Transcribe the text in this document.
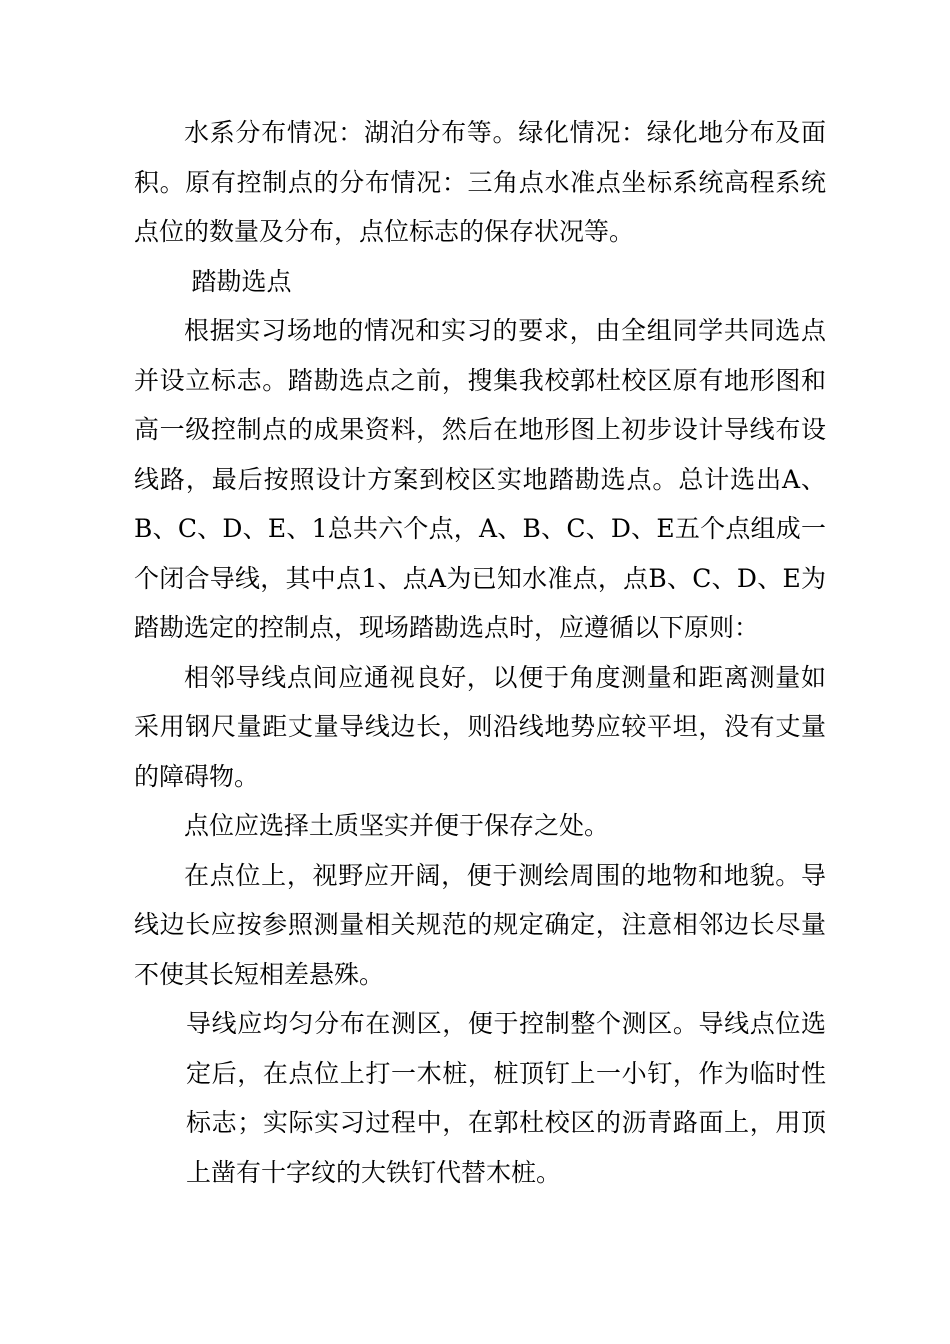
水系分布情况：湖泊分布等。绿化情况：绿化地分布及面积。原有控制点的分布情况：三角点水准点坐标系统高程系统点位的数量及分布，点位标志的保存状况等。

踏勘选点

根据实习场地的情况和实习的要求，由全组同学共同选点并设立标志。踏勘选点之前，搜集我校郭杜校区原有地形图和高一级控制点的成果资料，然后在地形图上初步设计导线布设线路，最后按照设计方案到校区实地踏勘选点。总计选出A、B、C、D、E、1总共六个点，A、B、C、D、E五个点组成一个闭合导线，其中点1、点A为已知水准点，点B、C、D、E为踏勘选定的控制点，现场踏勘选点时，应遵循以下原则：

相邻导线点间应通视良好，以便于角度测量和距离测量如采用钢尺量距丈量导线边长，则沿线地势应较平坦，没有丈量的障碍物。

点位应选择土质坚实并便于保存之处。

在点位上，视野应开阔，便于测绘周围的地物和地貌。导线边长应按参照测量相关规范的规定确定，注意相邻边长尽量不使其长短相差悬殊。

导线应均匀分布在测区，便于控制整个测区。导线点位选定后，在点位上打一木桩，桩顶钉上一小钉，作为临时性标志；实际实习过程中，在郭杜校区的沥青路面上，用顶上凿有十字纹的大铁钉代替木桩。
